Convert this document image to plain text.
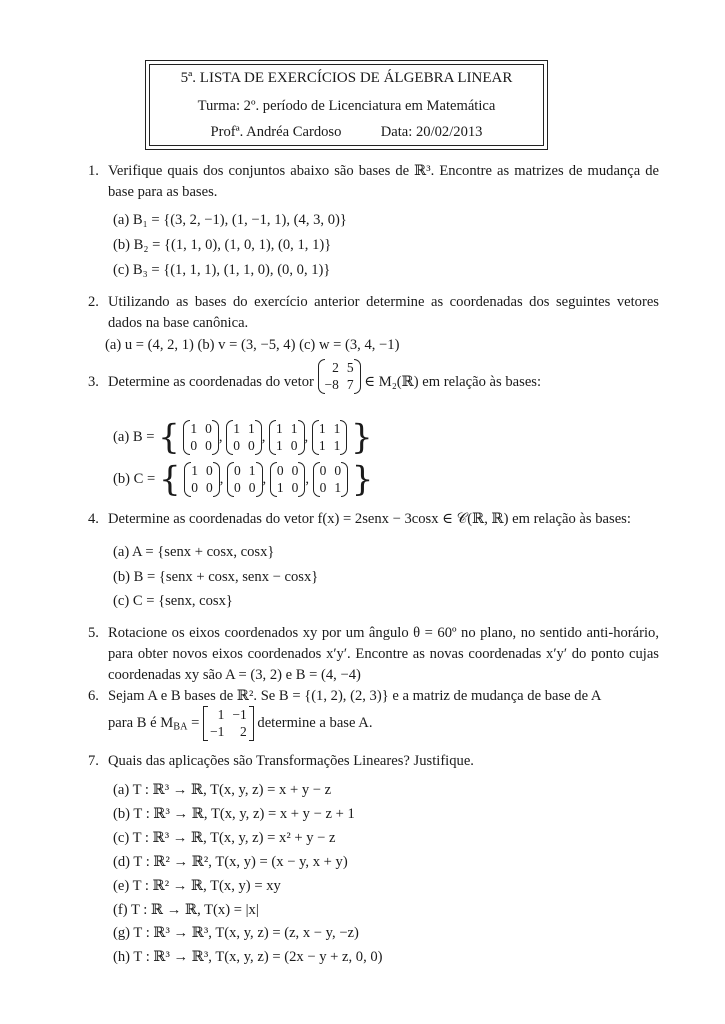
5ª. LISTA DE EXERCÍCIOS DE ÁLGEBRA LINEAR
Turma: 2º. período de Licenciatura em Matemática
Profª. Andréa Cardoso	Data: 20/02/2013
1. Verifique quais dos conjuntos abaixo são bases de ℝ³. Encontre as matrizes de mudança de base para as bases.
(a) B₁ = {(3, 2, −1), (1, −1, 1), (4, 3, 0)}
(b) B₂ = {(1, 1, 0), (1, 0, 1), (0, 1, 1)}
(c) B₃ = {(1, 1, 1), (1, 1, 0), (0, 0, 1)}
2. Utilizando as bases do exercício anterior determine as coordenadas dos seguintes vetores dados na base canônica.
(a) u = (4, 2, 1) (b) v = (3, −5, 4) (c) w = (3, 4, −1)
3. Determine as coordenadas do vetor
2 5
−8 7 ∈ M₂(ℝ) em relação às bases:
(a) B = { 1 0
0 0
,
1 1
0 0
,
1 1
1 0
,
1 1
1 1 }
(b) C = { 1 0
0 0
,
0 1
0 0
,
0 0
1 0
,
0 0
0 1 }
4. Determine as coordenadas do vetor f(x) = 2senx − 3cosx ∈ 𝒞(ℝ, ℝ) em relação às bases:
(a) A = {senx + cosx, cosx}
(b) B = {senx + cosx, senx − cosx}
(c) C = {senx, cosx}
5. Rotacione os eixos coordenados xy por um ângulo θ = 60º no plano, no sentido anti-horário, para obter novos eixos coordenados x′y′. Encontre as novas coordenadas x′y′ do ponto cujas coordenadas xy são A = (3, 2) e B = (4, −4)
6. Sejam A e B bases de ℝ². Se B = {(1, 2), (2, 3)} e a matriz de mudança de base de A
para B é $M_{BA}$ =
1 −1
−1	2
determine a base A.
7. Quais das aplicações são Transformações Lineares? Justifique.
(a) T : ℝ³ → ℝ, T(x, y, z) = x + y − z
(b) T : ℝ³ → ℝ, T(x, y, z) = x + y − z + 1
(c) T : ℝ³ → ℝ, T(x, y, z) = x² + y − z
(d) T : ℝ² → ℝ², T(x, y) = (x − y, x + y)
(e) T : ℝ² → ℝ, T(x, y) = xy
(f) T : ℝ → ℝ, T(x) = |x|
(g) T : ℝ³ → ℝ³, T(x, y, z) = (z, x − y, −z)
(h) T : ℝ³ → ℝ³, T(x, y, z) = (2x − y + z, 0, 0)
